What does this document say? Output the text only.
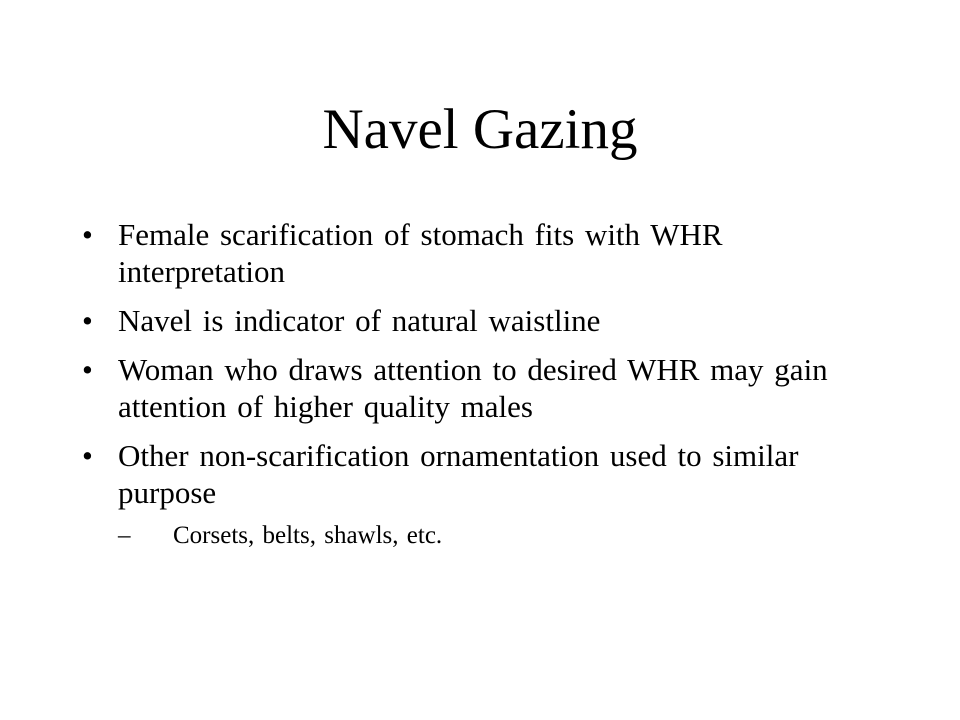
Navel Gazing
• Female scarification of stomach fits with WHR interpretation
• Navel is indicator of natural waistline
• Woman who draws attention to desired WHR may gain attention of higher quality males
• Other non-scarification ornamentation used to similar purpose
– Corsets, belts, shawls, etc.
